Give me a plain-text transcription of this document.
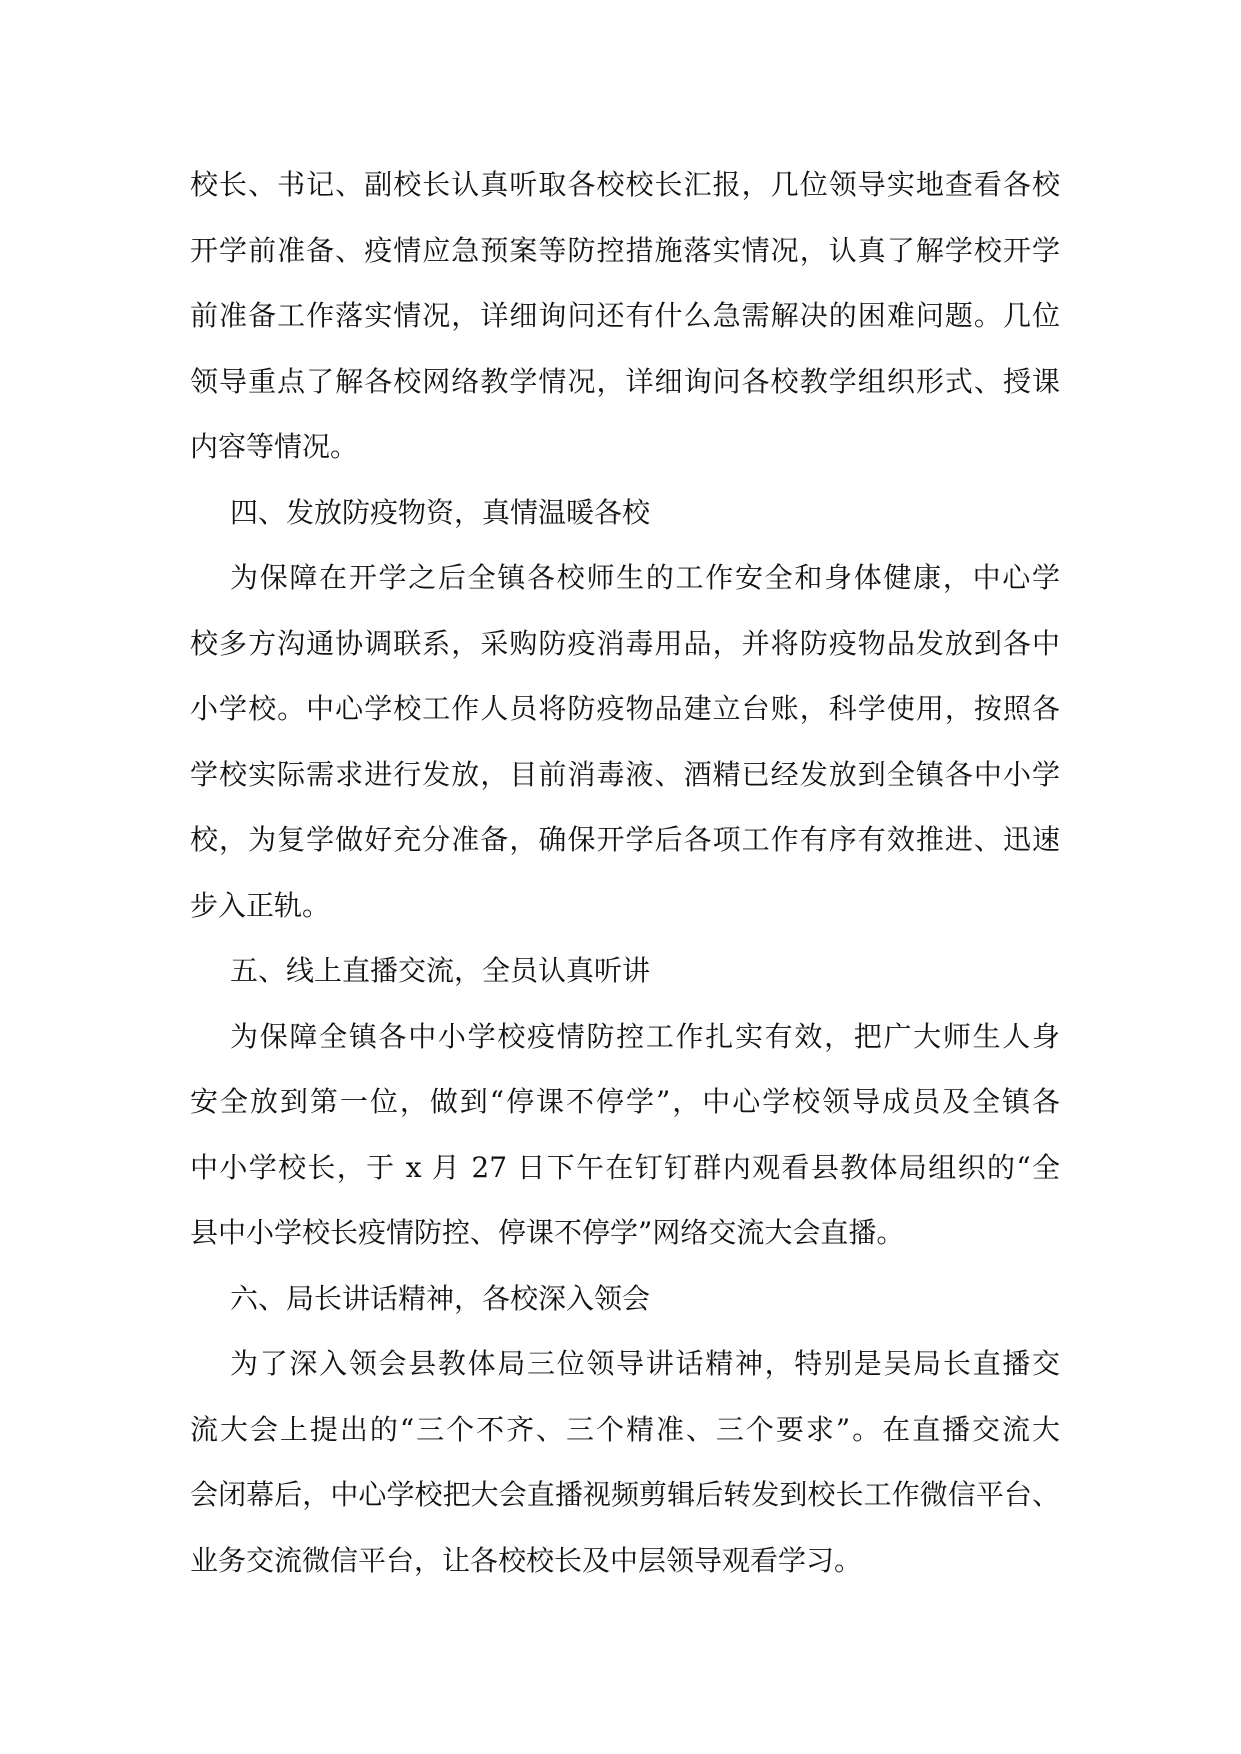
校长、书记、副校长认真听取各校校长汇报，几位领导实地查看各校
开学前准备、疫情应急预案等防控措施落实情况，认真了解学校开学
前准备工作落实情况，详细询问还有什么急需解决的困难问题。几位
领导重点了解各校网络教学情况，详细询问各校教学组织形式、授课
内容等情况。
四、发放防疫物资，真情温暖各校
为保障在开学之后全镇各校师生的工作安全和身体健康，中心学
校多方沟通协调联系，采购防疫消毒用品，并将防疫物品发放到各中
小学校。中心学校工作人员将防疫物品建立台账，科学使用，按照各
学校实际需求进行发放，目前消毒液、酒精已经发放到全镇各中小学
校，为复学做好充分准备，确保开学后各项工作有序有效推进、迅速
步入正轨。
五、线上直播交流，全员认真听讲
为保障全镇各中小学校疫情防控工作扎实有效，把广大师生人身
安全放到第一位，做到“停课不停学”，中心学校领导成员及全镇各
中小学校长，于 x 月 27 日下午在钉钉群内观看县教体局组织的“全
县中小学校长疫情防控、停课不停学”网络交流大会直播。
六、局长讲话精神，各校深入领会
为了深入领会县教体局三位领导讲话精神，特别是吴局长直播交
流大会上提出的“三个不齐、三个精准、三个要求”。在直播交流大
会闭幕后，中心学校把大会直播视频剪辑后转发到校长工作微信平台、
业务交流微信平台，让各校校长及中层领导观看学习。
